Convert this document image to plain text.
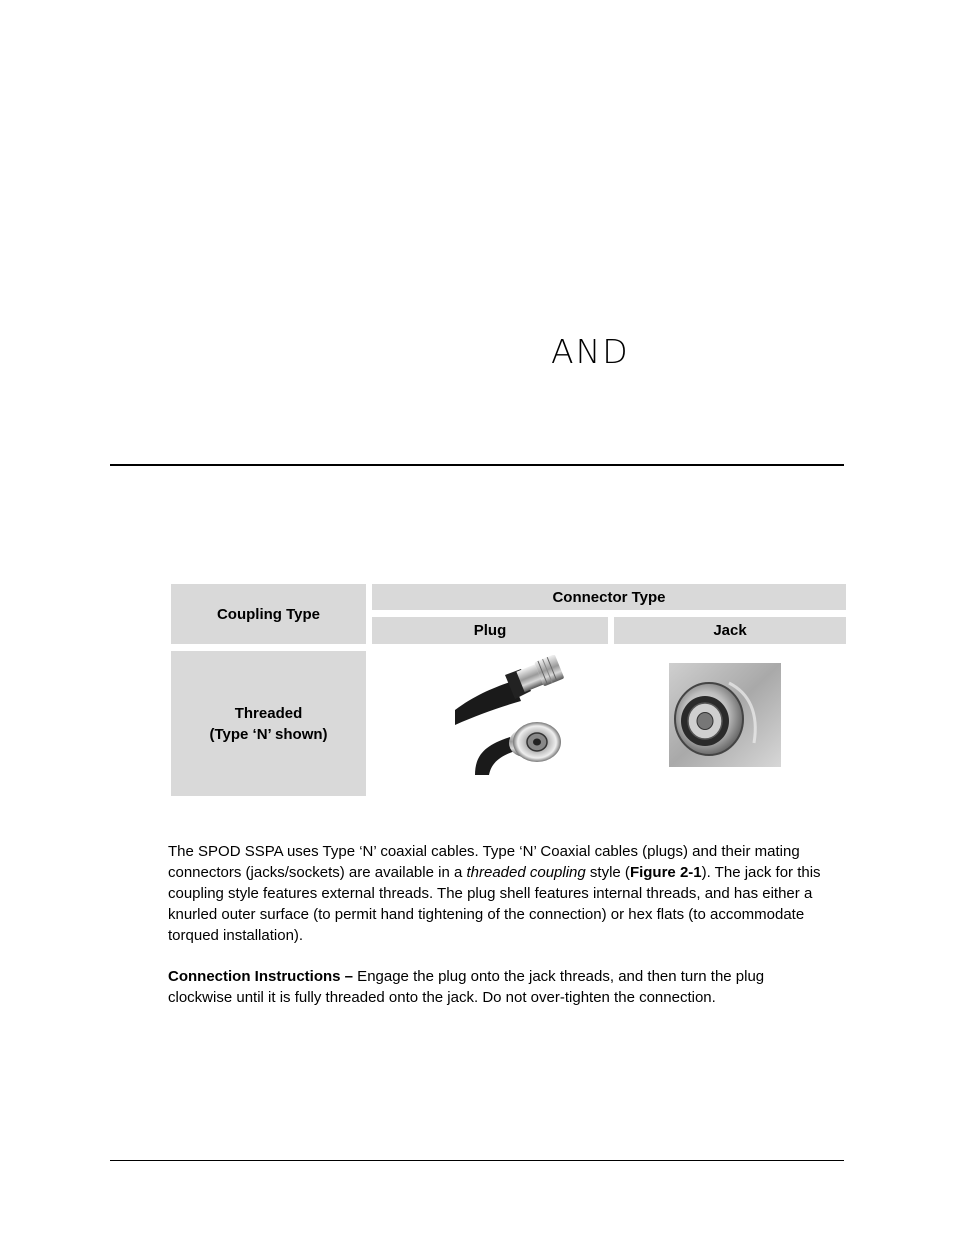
AND
Coupling Type
Connector Type
Plug	Jack
Threaded
(Type ‘N’ shown)
The SPOD SSPA uses Type ‘N’ coaxial cables. Type ‘N’ Coaxial cables (plugs) and their mating connectors (jacks/sockets) are available in a threaded coupling style (Figure 2-1). The jack for this coupling style features external threads. The plug shell features internal threads, and has either a knurled outer surface (to permit hand tightening of the connection) or hex flats (to accommodate torqued installation).
Connection Instructions – Engage the plug onto the jack threads, and then turn the plug clockwise until it is fully threaded onto the jack. Do not over-tighten the connection.
